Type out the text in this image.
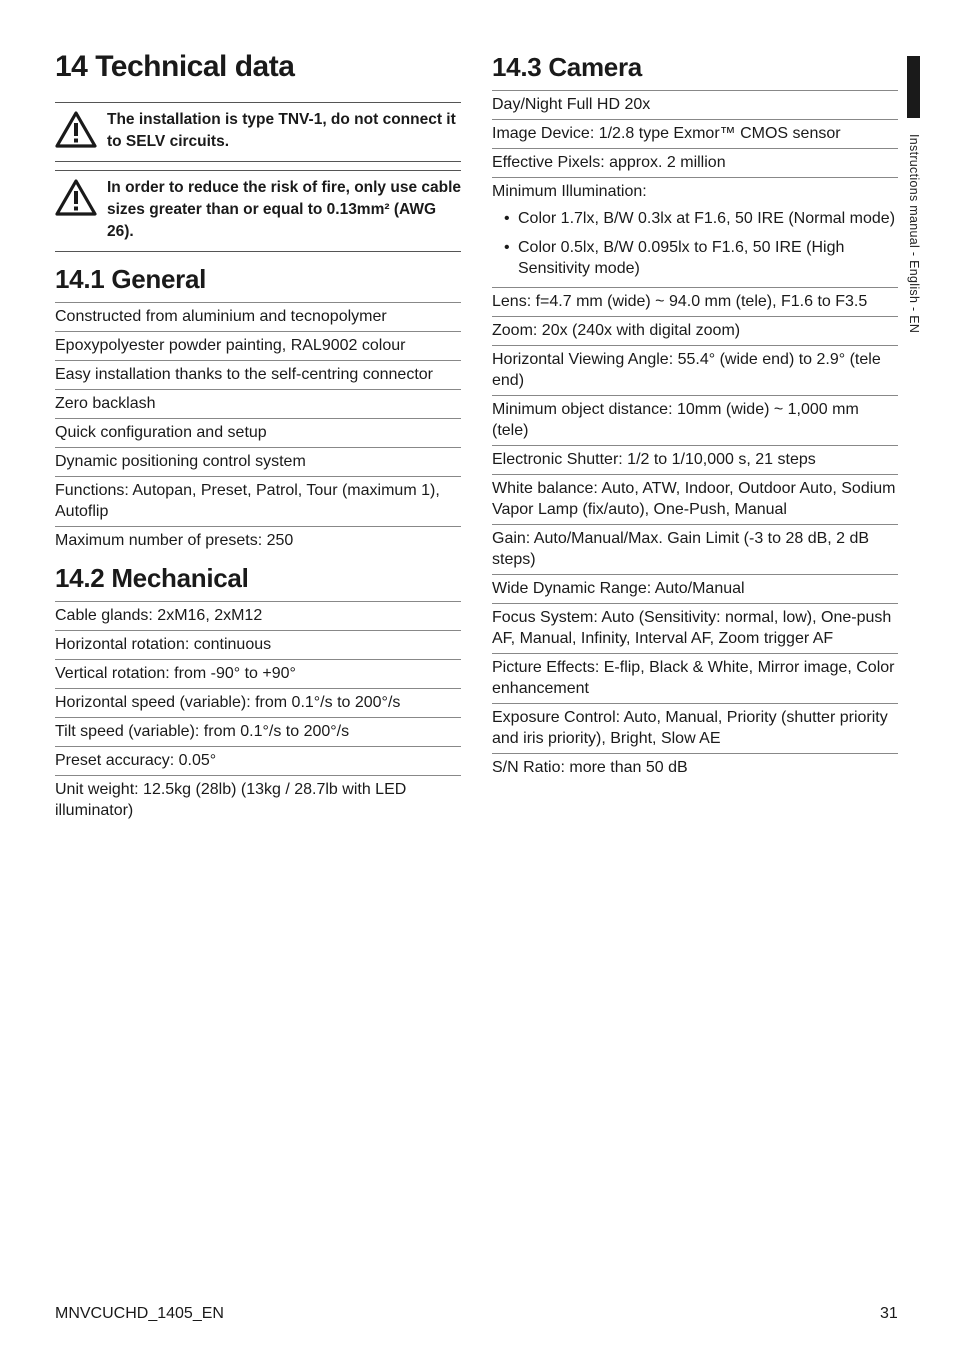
Instructions manual - English - EN
14 Technical data
The installation is type TNV-1, do not connect it to SELV circuits.
In order to reduce the risk of fire, only use cable sizes greater than or equal to 0.13mm² (AWG 26).
14.1 General
Constructed from aluminium and tecnopolymer
Epoxypolyester powder painting, RAL9002 colour
Easy installation thanks to the self-centring connector
Zero backlash
Quick configuration and setup
Dynamic positioning control system
Functions: Autopan, Preset, Patrol, Tour (maximum 1), Autoflip
Maximum number of presets: 250
14.2 Mechanical
Cable glands: 2xM16, 2xM12
Horizontal rotation: continuous
Vertical rotation: from -90° to +90°
Horizontal speed (variable): from 0.1°/s to 200°/s
Tilt speed (variable): from 0.1°/s to 200°/s
Preset accuracy: 0.05°
Unit weight: 12.5kg (28lb) (13kg / 28.7lb with LED illuminator)
14.3 Camera
Day/Night Full HD 20x
Image Device: 1/2.8 type Exmor™ CMOS sensor
Effective Pixels: approx. 2 million
Minimum Illumination:
• Color 1.7lx, B/W 0.3lx at F1.6, 50 IRE (Normal mode)
• Color 0.5lx, B/W 0.095lx to F1.6, 50 IRE (High Sensitivity mode)
Lens: f=4.7 mm (wide) ~ 94.0 mm (tele), F1.6 to F3.5
Zoom: 20x (240x with digital zoom)
Horizontal Viewing Angle: 55.4° (wide end) to 2.9° (tele end)
Minimum object distance: 10mm (wide) ~ 1,000 mm (tele)
Electronic Shutter: 1/2 to 1/10,000 s, 21 steps
White balance: Auto, ATW, Indoor, Outdoor Auto, Sodium Vapor Lamp (fix/auto), One-Push, Manual
Gain: Auto/Manual/Max. Gain Limit (-3 to 28 dB, 2 dB steps)
Wide Dynamic Range: Auto/Manual
Focus System: Auto (Sensitivity: normal, low), One-push AF, Manual, Infinity, Interval AF, Zoom trigger AF
Picture Effects: E-flip, Black & White, Mirror image, Color enhancement
Exposure Control: Auto, Manual, Priority (shutter priority and iris priority), Bright, Slow AE
S/N Ratio: more than 50 dB
MNVCUCHD_1405_EN	31
